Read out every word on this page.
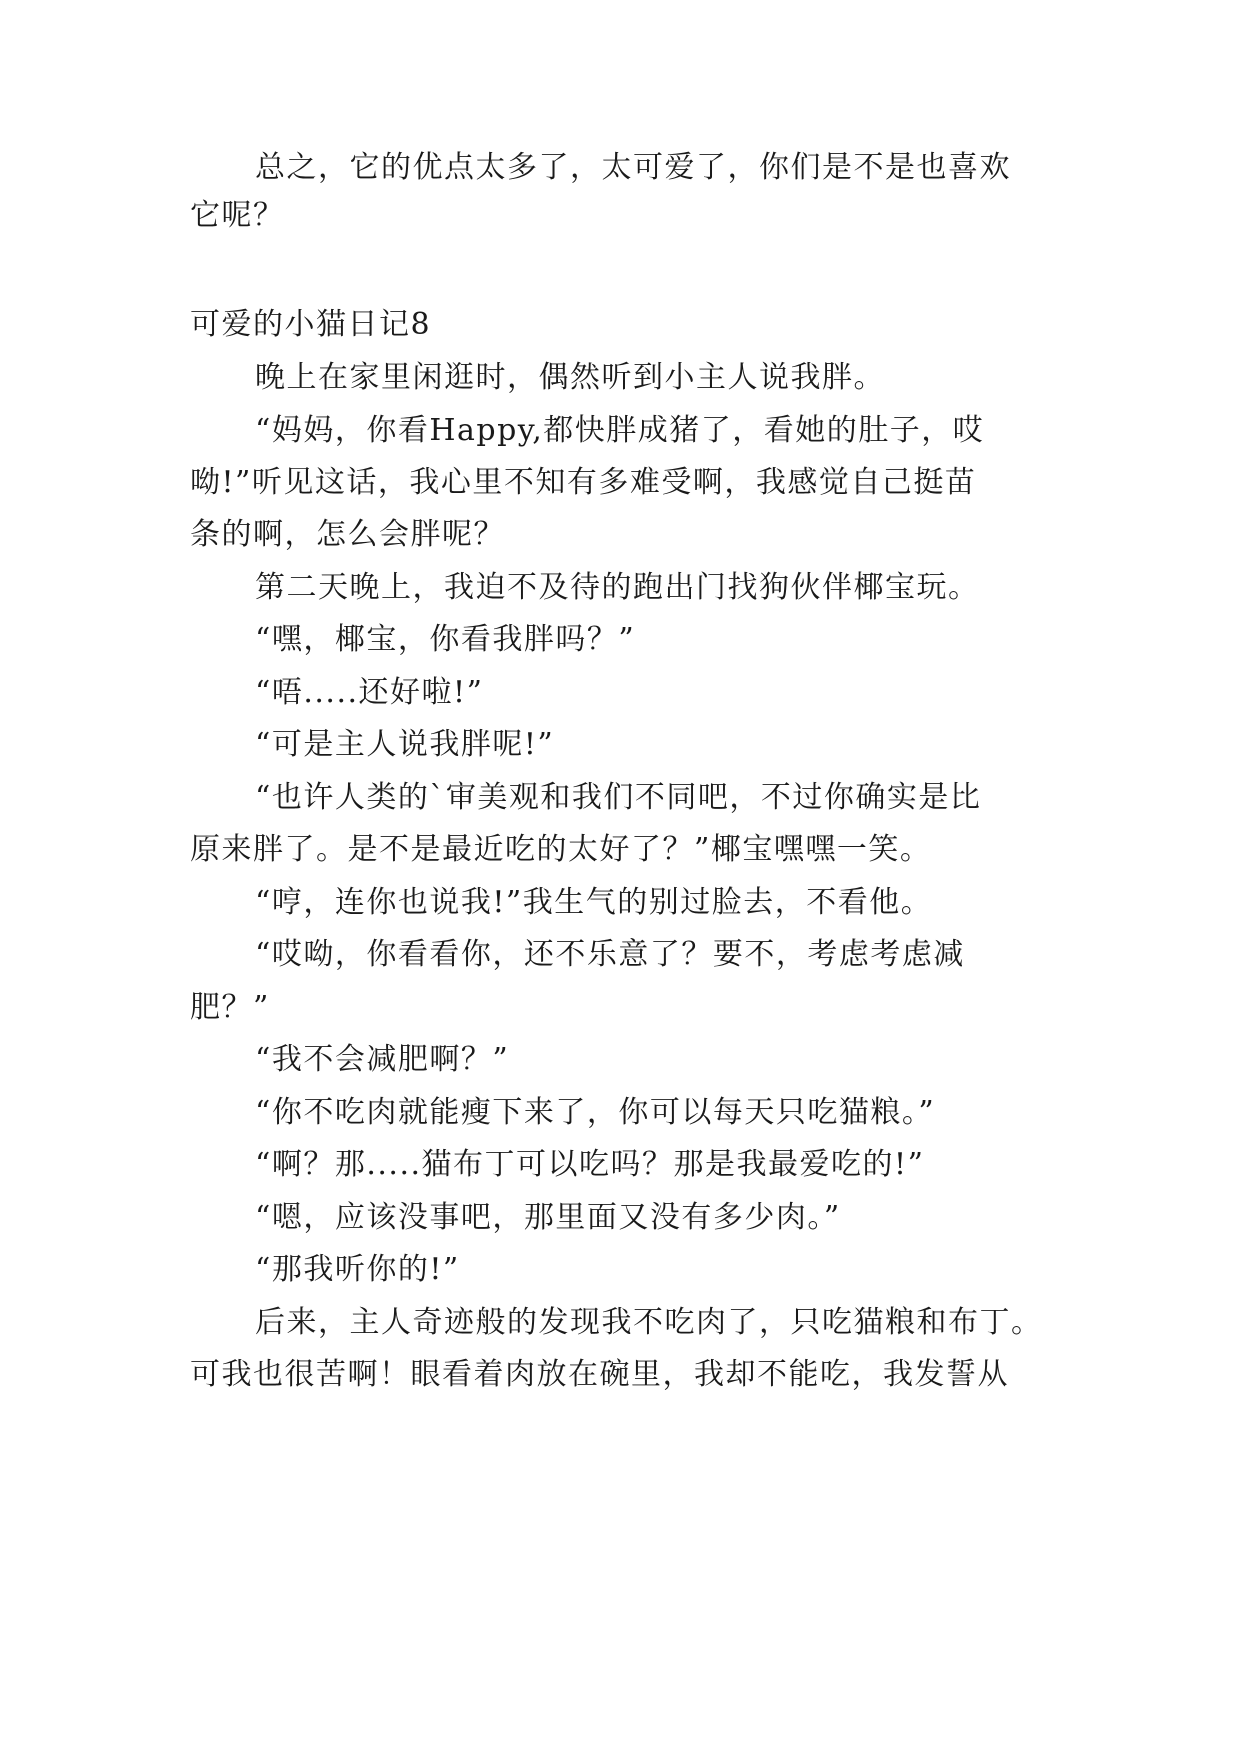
总之，它的优点太多了，太可爱了，你们是不是也喜欢
它呢？
可爱的小猫日记8
晚上在家里闲逛时，偶然听到小主人说我胖。
“妈妈，你看Happy,都快胖成猪了，看她的肚子，哎
呦!”听见这话，我心里不知有多难受啊，我感觉自己挺苗
条的啊，怎么会胖呢？
第二天晚上，我迫不及待的跑出门找狗伙伴椰宝玩。
“嘿，椰宝，你看我胖吗？”
“唔.....还好啦!”
“可是主人说我胖呢!”
“也许人类的`审美观和我们不同吧，不过你确实是比
原来胖了。是不是最近吃的太好了？”椰宝嘿嘿一笑。
“哼，连你也说我!”我生气的别过脸去，不看他。
“哎呦，你看看你，还不乐意了？要不，考虑考虑减
肥？”
“我不会减肥啊？”
“你不吃肉就能瘦下来了，你可以每天只吃猫粮。”
“啊？那.....猫布丁可以吃吗？那是我最爱吃的!”
“嗯，应该没事吧，那里面又没有多少肉。”
“那我听你的!”
后来，主人奇迹般的发现我不吃肉了，只吃猫粮和布丁。
可我也很苦啊！眼看着肉放在碗里，我却不能吃，我发誓从
